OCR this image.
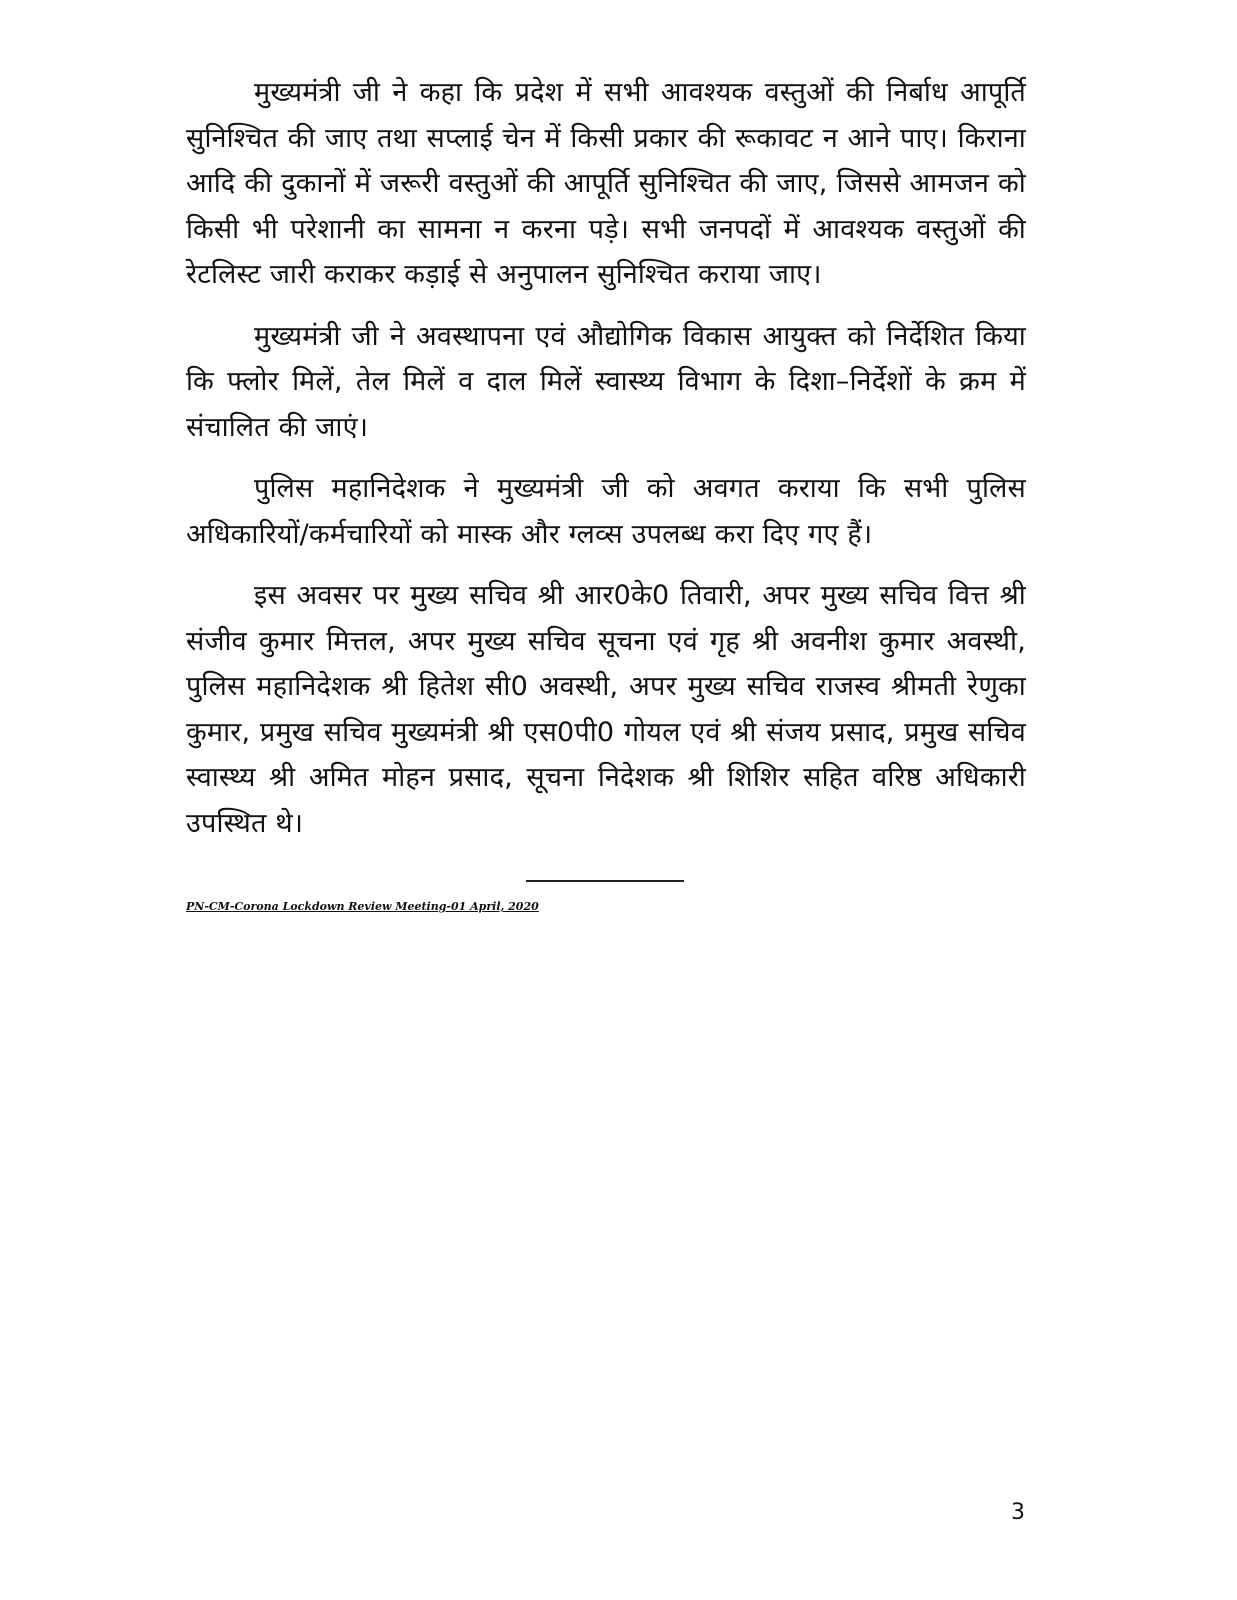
मुख्यमंत्री जी ने कहा कि प्रदेश में सभी आवश्यक वस्तुओं की निर्बाध आपूर्ति सुनिश्चित की जाए तथा सप्लाई चेन में किसी प्रकार की रूकावट न आने पाए। किराना आदि की दुकानों में जरूरी वस्तुओं की आपूर्ति सुनिश्चित की जाए, जिससे आमजन को किसी भी परेशानी का सामना न करना पड़े। सभी जनपदों में आवश्यक वस्तुओं की रेटलिस्ट जारी कराकर कड़ाई से अनुपालन सुनिश्चित कराया जाए।

मुख्यमंत्री जी ने अवस्थापना एवं औद्योगिक विकास आयुक्त को निर्देशित किया कि फ्लोर मिलें, तेल मिलें व दाल मिलें स्वास्थ्य विभाग के दिशा–निर्देशों के क्रम में संचालित की जाएं।

पुलिस महानिदेशक ने मुख्यमंत्री जी को अवगत कराया कि सभी पुलिस अधिकारियों/कर्मचारियों को मास्क और ग्लव्स उपलब्ध करा दिए गए हैं।

इस अवसर पर मुख्य सचिव श्री आर0के0 तिवारी, अपर मुख्य सचिव वित्त श्री संजीव कुमार मित्तल, अपर मुख्य सचिव सूचना एवं गृह श्री अवनीश कुमार अवस्थी, पुलिस महानिदेशक श्री हितेश सी0 अवस्थी, अपर मुख्य सचिव राजस्व श्रीमती रेणुका कुमार, प्रमुख सचिव मुख्यमंत्री श्री एस0पी0 गोयल एवं श्री संजय प्रसाद, प्रमुख सचिव स्वास्थ्य श्री अमित मोहन प्रसाद, सूचना निदेशक श्री शिशिर सहित वरिष्ठ अधिकारी उपस्थित थे।

PN-CM-Corona Lockdown Review Meeting-01 April, 2020
3
